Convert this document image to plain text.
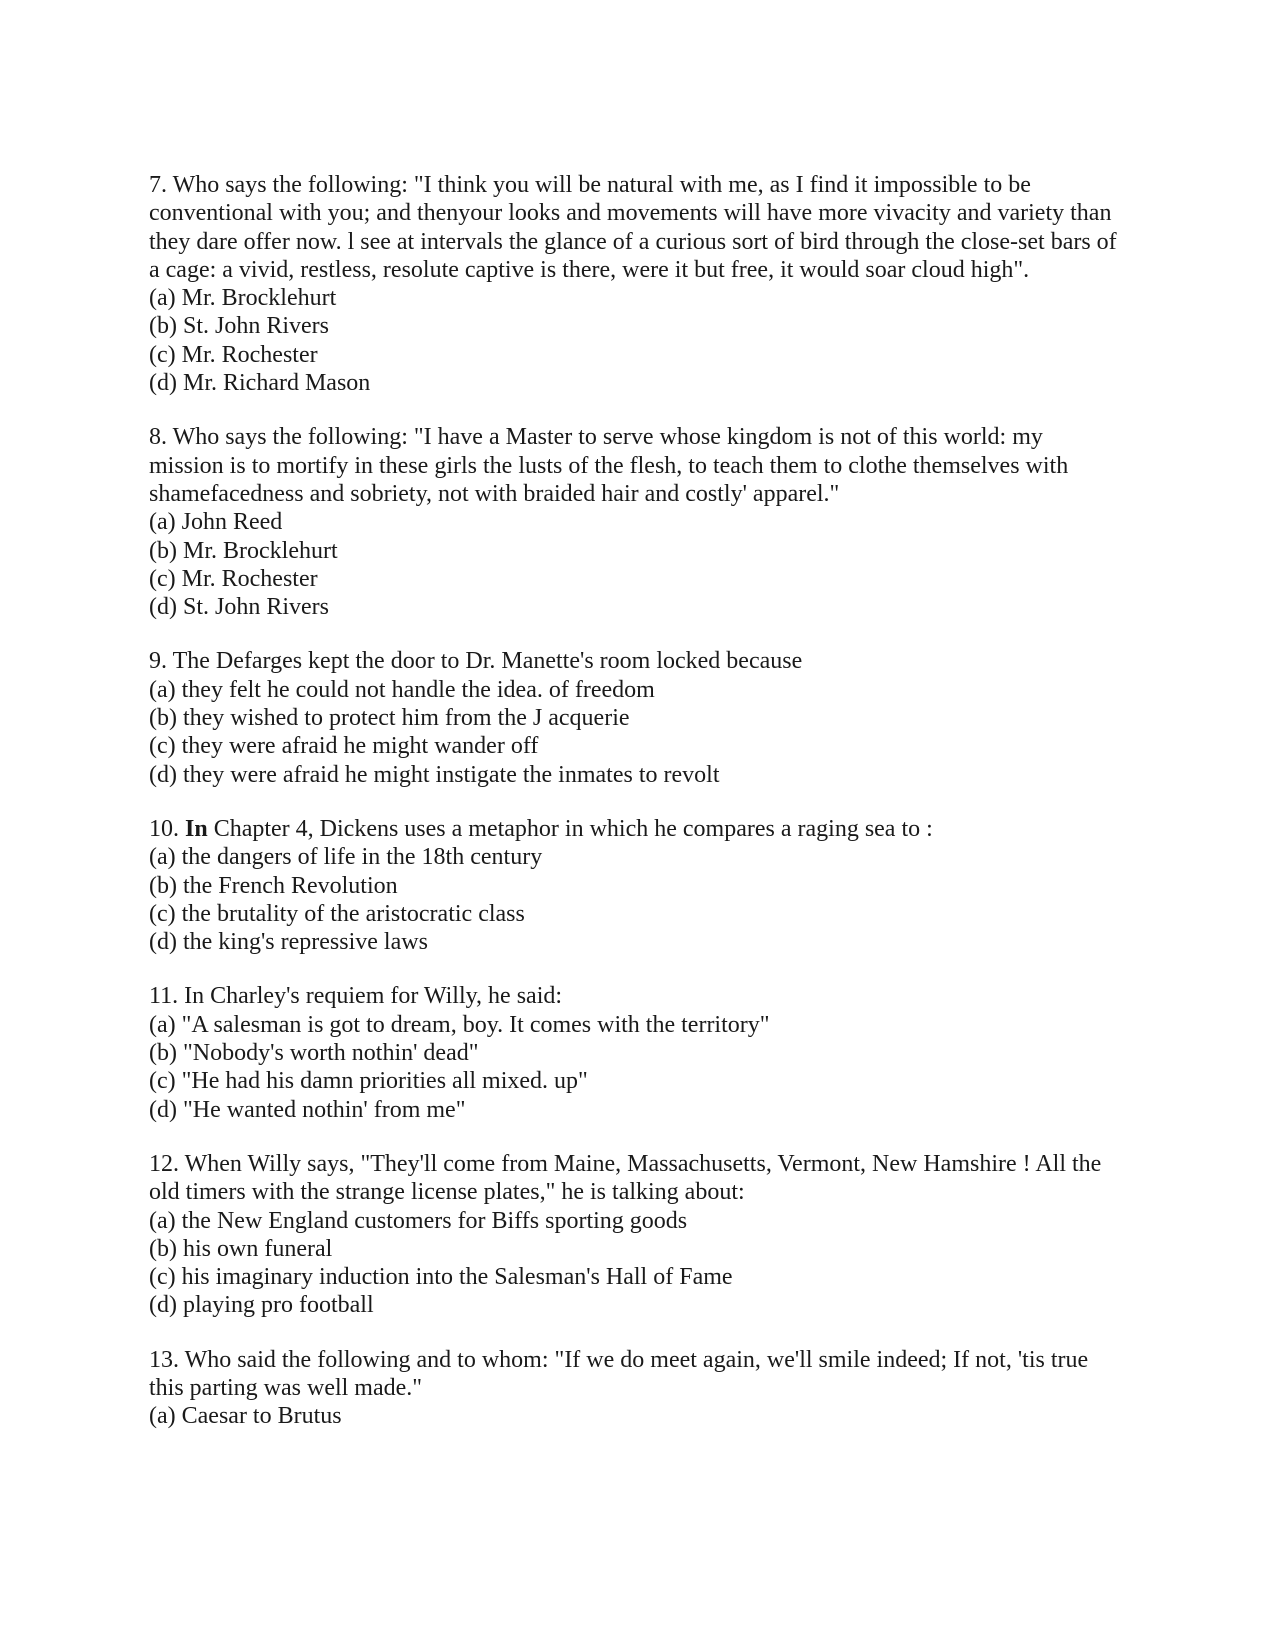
7. Who says the following: "I think you will be natural with me, as I find it impossible to be conventional with you; and thenyour looks and movements will have more vivacity and variety than they dare offer now. l see at intervals the glance of a curious sort of bird through the close-set bars of a cage: a vivid, restless, resolute captive is there, were it but free, it would soar cloud high".

(a) Mr. Brocklehurt
(b) St. John Rivers
(c) Mr. Rochester
(d) Mr. Richard Mason

8. Who says the following: "I have a Master to serve whose kingdom is not of this world: my mission is to mortify in these girls the lusts of the flesh, to teach them to clothe themselves with shamefacedness and sobriety, not with braided hair and costly' apparel."

(a) John Reed
(b) Mr. Brocklehurt
(c) Mr. Rochester
(d) St. John Rivers

9. The Defarges kept the door to Dr. Manette's room locked because

(a) they felt he could not handle the idea. of freedom
(b) they wished to protect him from the J acquerie
(c) they were afraid he might wander off
(d) they were afraid he might instigate the inmates to revolt

10. In Chapter 4, Dickens uses a metaphor in which he compares a raging sea to :

(a) the dangers of life in the 18th century
(b) the French Revolution
(c) the brutality of the aristocratic class
(d) the king's repressive laws

11. In Charley's requiem for Willy, he said:

(a) "A salesman is got to dream, boy. It comes with the territory"
(b) "Nobody's worth nothin' dead"
(c) "He had his damn priorities all mixed. up"
(d) "He wanted nothin' from me"

12. When Willy says, "They'll come from Maine, Massachusetts, Vermont, New Hamshire ! All the old timers with the strange license plates," he is talking about:

(a) the New England customers for Biffs sporting goods
(b) his own funeral
(c) his imaginary induction into the Salesman's Hall of Fame
(d) playing pro football

13. Who said the following and to whom: "If we do meet again, we'll smile indeed; If not, 'tis true this parting was well made."

(a) Caesar to Brutus
